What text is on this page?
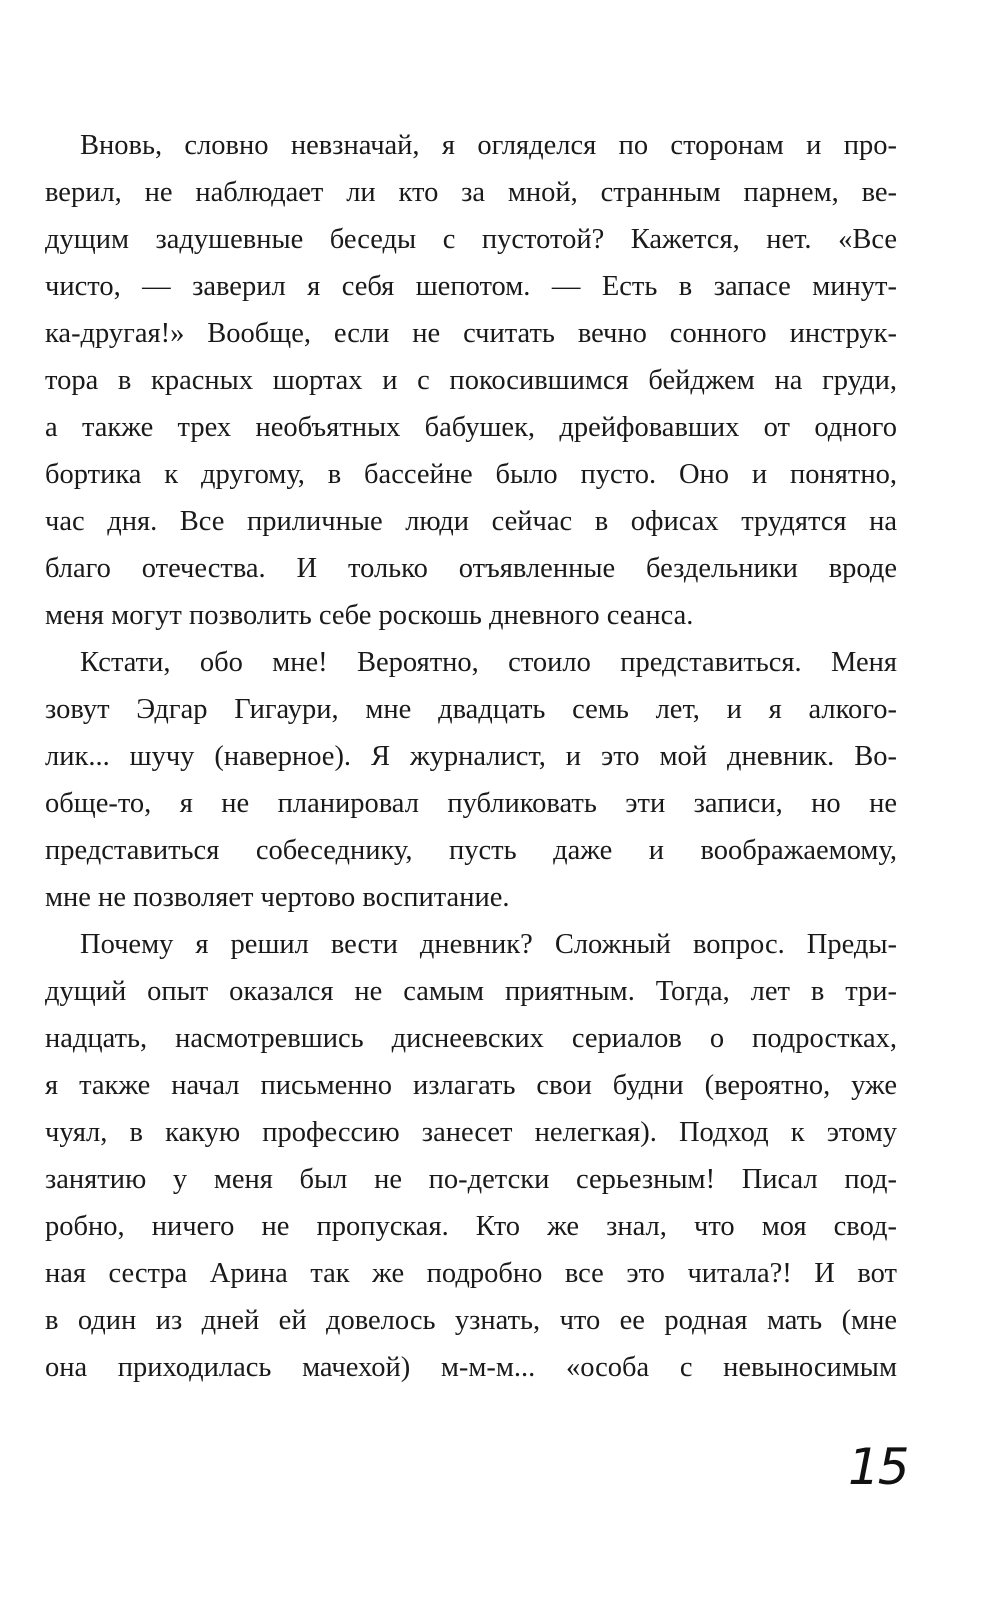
Вновь, словно невзначай, я огляделся по сторонам и про-
верил, не наблюдает ли кто за мной, странным парнем, ве-
дущим задушевные беседы с пустотой? Кажется, нет. «Все
чисто, — заверил я себя шепотом. — Есть в запасе минут-
ка-другая!» Вообще, если не считать вечно сонного инструк-
тора в красных шортах и с покосившимся бейджем на груди,
а также трех необъятных бабушек, дрейфовавших от одного
бортика к другому, в бассейне было пусто. Оно и понятно,
час дня. Все приличные люди сейчас в офисах трудятся на
благо отечества. И только отъявленные бездельники вроде
меня могут позволить себе роскошь дневного сеанса.
Кстати, обо мне! Вероятно, стоило представиться. Меня
зовут Эдгар Гигаури, мне двадцать семь лет, и я алкого-
лик... шучу (наверное). Я журналист, и это мой дневник. Во-
обще-то, я не планировал публиковать эти записи, но не
представиться собеседнику, пусть даже и воображаемому,
мне не позволяет чертово воспитание.
Почему я решил вести дневник? Сложный вопрос. Преды-
дущий опыт оказался не самым приятным. Тогда, лет в три-
надцать, насмотревшись диснеевских сериалов о подростках,
я также начал письменно излагать свои будни (вероятно, уже
чуял, в какую профессию занесет нелегкая). Подход к этому
занятию у меня был не по-детски серьезным! Писал под-
робно, ничего не пропуская. Кто же знал, что моя свод-
ная сестра Арина так же подробно все это читала?! И вот
в один из дней ей довелось узнать, что ее родная мать (мне
она приходилась мачехой) м-м-м... «особа с невыносимым
15
